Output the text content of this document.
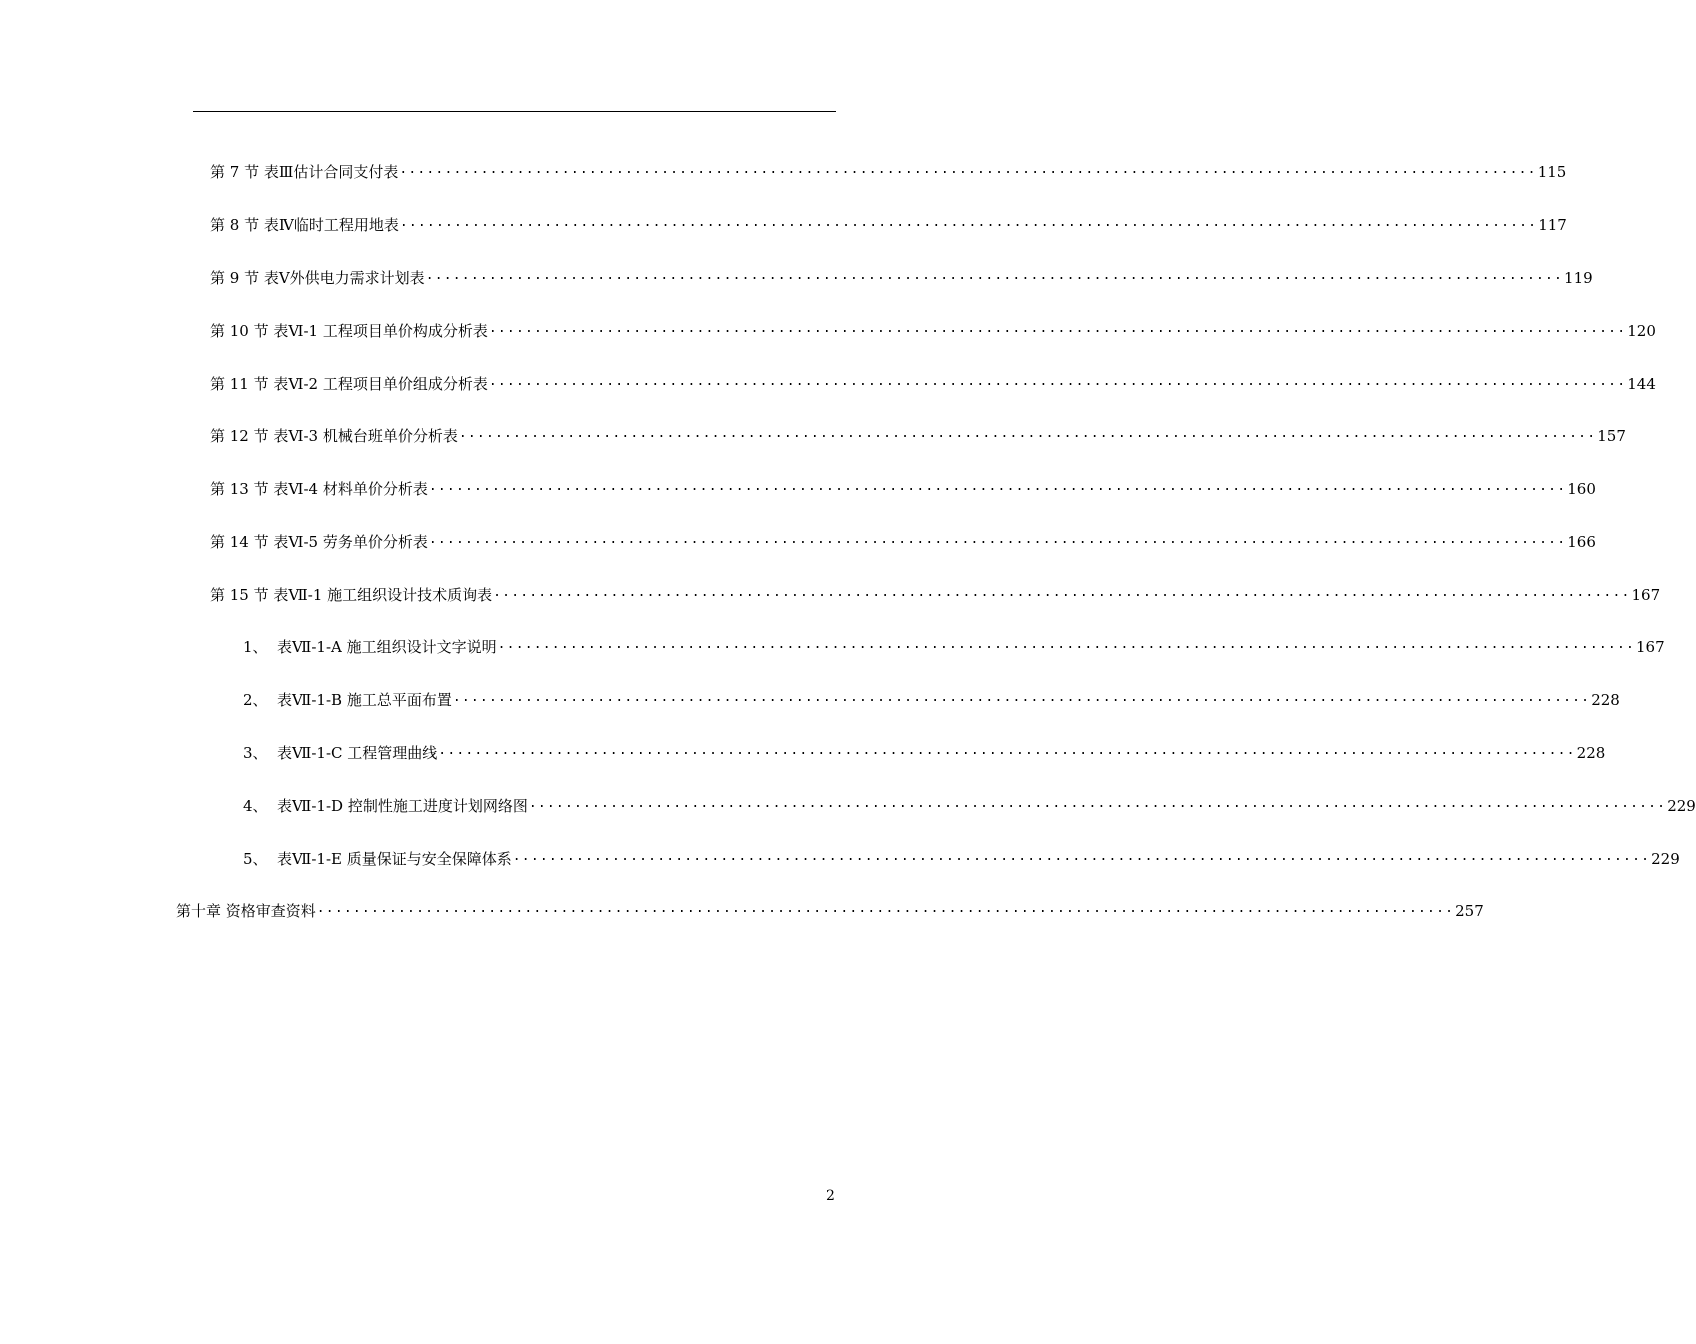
第 7 节 表Ⅲ估计合同支付表 .............................................................................................................................. 115
第 8 节 表Ⅳ临时工程用地表 .............................................................................................................................. 117
第 9 节 表Ⅴ外供电力需求计划表 .............................................................................................................................. 119
第 10 节 表Ⅵ-1 工程项目单价构成分析表 .............................................................................................................................. 120
第 11 节 表Ⅵ-2 工程项目单价组成分析表 .............................................................................................................................. 144
第 12 节 表Ⅵ-3 机械台班单价分析表 .............................................................................................................................. 157
第 13 节 表Ⅵ-4 材料单价分析表 .............................................................................................................................. 160
第 14 节 表Ⅵ-5 劳务单价分析表 .............................................................................................................................. 166
第 15 节 表Ⅶ-1 施工组织设计技术质询表 .............................................................................................................................. 167
1、 表Ⅶ-1-A 施工组织设计文字说明 .............................................................................................................................. 167
2、 表Ⅶ-1-B 施工总平面布置 .............................................................................................................................. 228
3、 表Ⅶ-1-C 工程管理曲线 .............................................................................................................................. 228
4、 表Ⅶ-1-D 控制性施工进度计划网络图 .............................................................................................................................. 229
5、 表Ⅶ-1-E 质量保证与安全保障体系 .............................................................................................................................. 229
第十章 资格审查资料 .............................................................................................................................. 257
2
